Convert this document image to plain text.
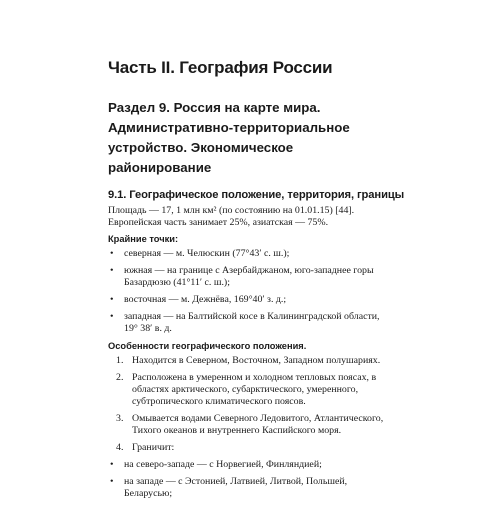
Часть II. География России
Раздел 9. Россия на карте мира. Административно-территориальное устройство. Экономическое районирование
9.1. Географическое положение, территория, границы

Площадь — 17, 1 млн км² (по состоянию на 01.01.15) [44]. Европейская часть занимает 25%, азиатская — 75%.

Крайние точки:
• северная — м. Челюскин (77°43′ с. ш.);
• южная — на границе с Азербайджаном, юго-западнее горы Базардюзю (41°11′ с. ш.);
• восточная — м. Дежнёва, 169°40′ з. д.;
• западная — на Балтийской косе в Калининградской области, 19° 38′ в. д.
Особенности географического положения.
1. Находится в Северном, Восточном, Западном полушариях.
2. Расположена в умеренном и холодном тепловых поясах, в областях арктического, субарктического, умеренного, субтропического климатического поясов.
3. Омывается водами Северного Ледовитого, Атлантического, Тихого океанов и внутреннего Каспийского моря.
4. Граничит:
• на северо-западе — с Норвегией, Финляндией;
• на западе — с Эстонией, Латвией, Литвой, Польшей, Беларусью;
